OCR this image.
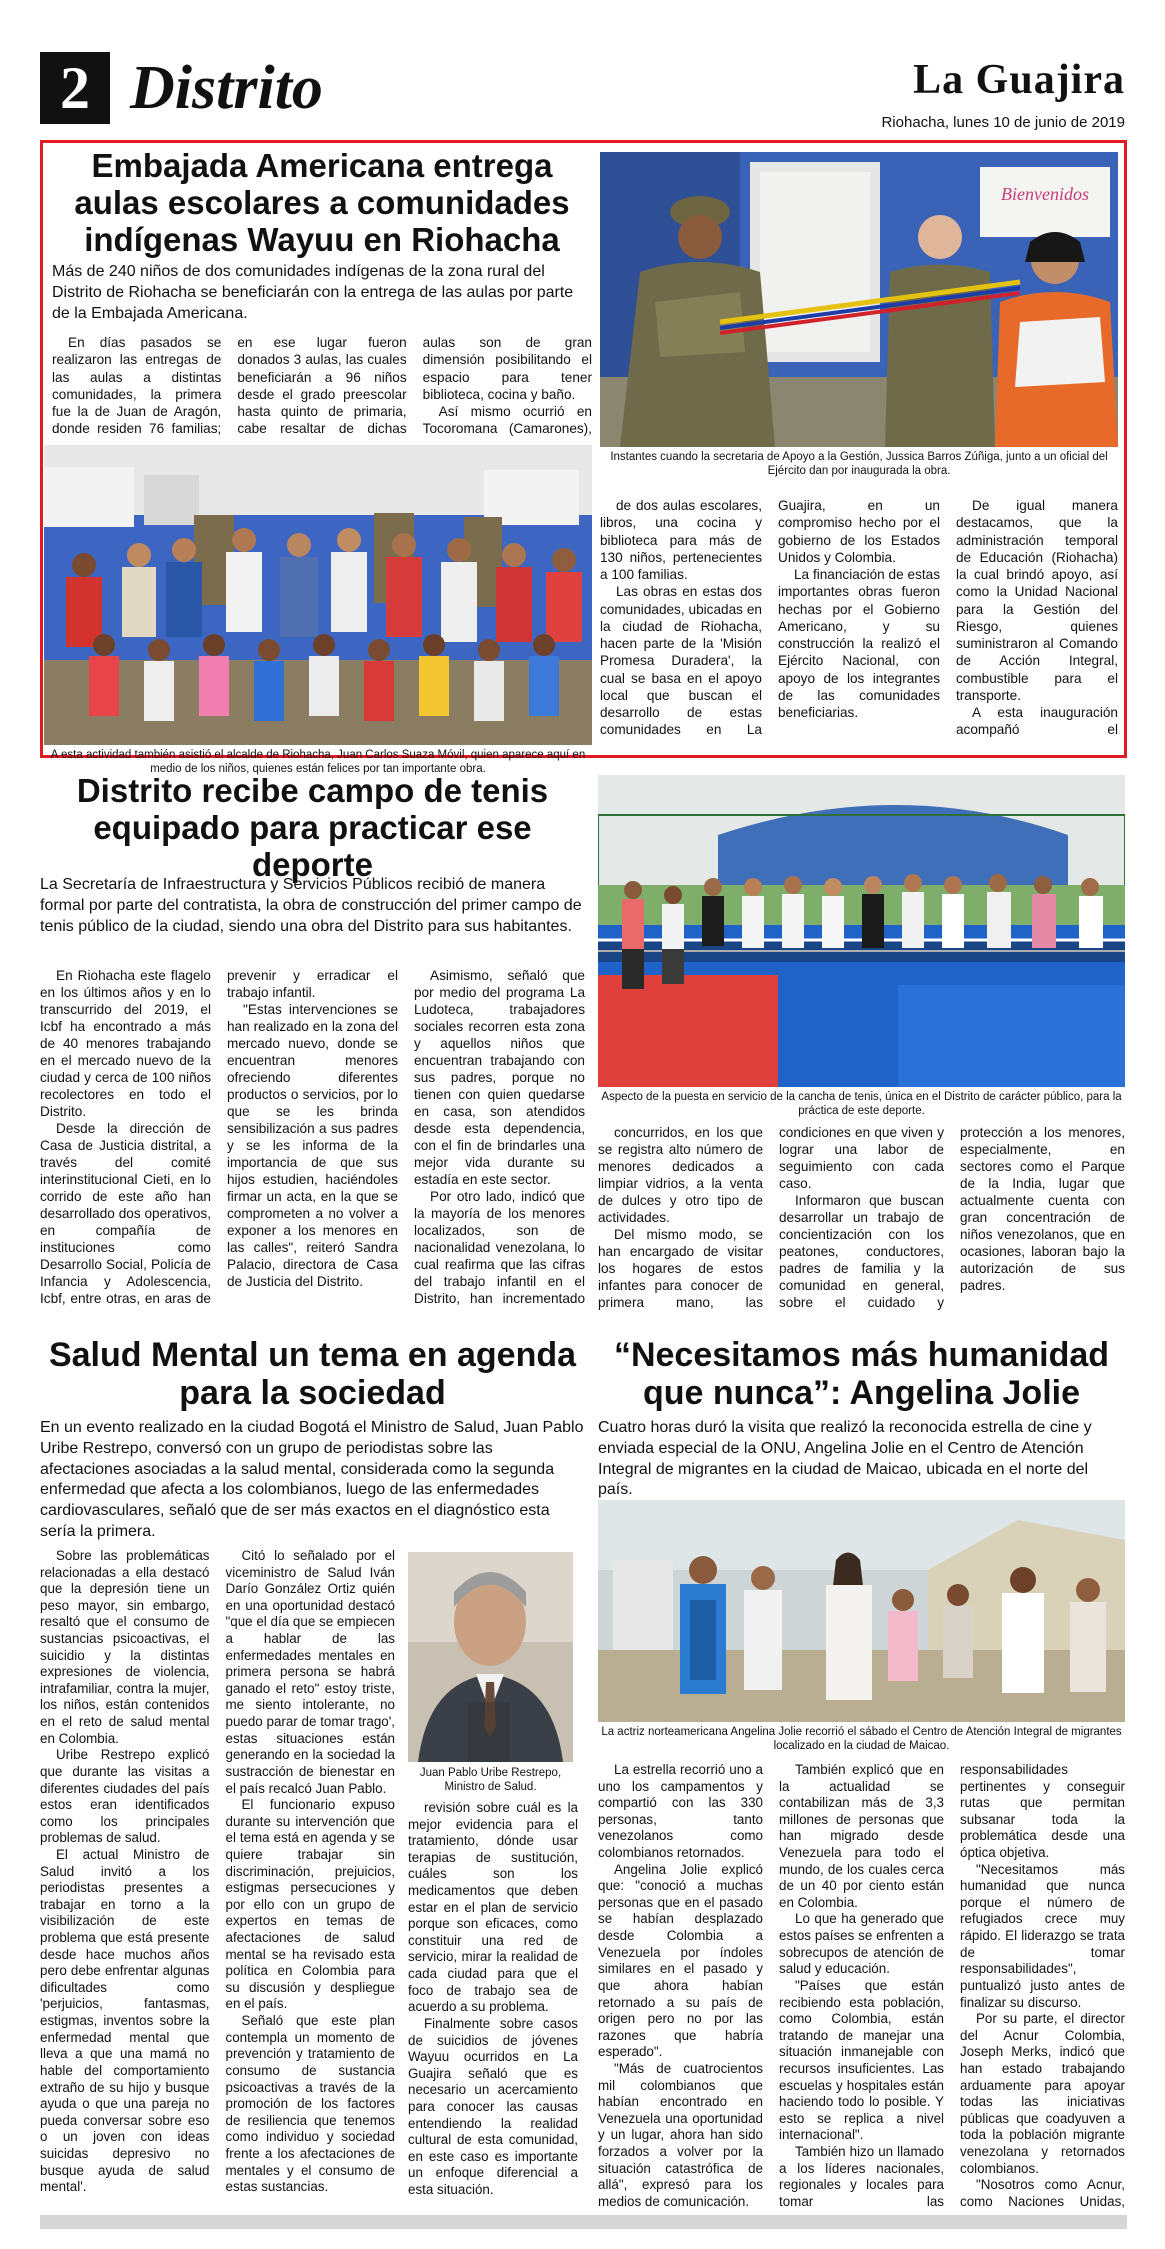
2 Distrito	La Guajira
Riohacha, lunes 10 de junio de 2019
Embajada Americana entrega aulas escolares a comunidades indígenas Wayuu en Riohacha
Más de 240 niños de dos comunidades indígenas de la zona rural del Distrito de Riohacha se beneficiarán con la entrega de las aulas por parte de la Embajada Americana.

En días pasados se realizaron las entregas de las aulas a distintas comunidades, la primera fue la de Juan de Aragón, donde residen 76 familias; en ese lugar fueron donados 3 aulas, las cuales beneficiarán a 96 niños desde el grado preescolar hasta quinto de primaria, cabe resaltar de dichas aulas son de gran dimensión posibilitando el espacio para tener biblioteca, cocina y baño.

Así mismo ocurrió en Tocoromana (Camarones),

Bienvenidos
Instantes cuando la secretaria de Apoyo a la Gestión, Jussica Barros Zúñiga, junto a un oficial del Ejército dan por inaugurada la obra.
A esta actividad también asistió el alcalde de Riohacha, Juan Carlos Suaza Móvil, quien aparece aquí en medio de los niños, quienes están felices por tan importante obra.

de dos aulas escolares, libros, una cocina y biblioteca para más de 130 niños, pertenecientes a 100 familias.

Las obras en estas dos comunidades, ubicadas en la ciudad de Riohacha, hacen parte de la 'Misión Promesa Duradera', la cual se basa en el apoyo local que buscan el desarrollo de estas comunidades en La Guajira, en un compromiso hecho por el gobierno de los Estados Unidos y Colombia.

La financiación de estas importantes obras fueron hechas por el Gobierno Americano, y su construcción la realizó el Ejército Nacional, con apoyo de los integrantes de las comunidades beneficiarias.

De igual manera destacamos, que la administración temporal de Educación (Riohacha) la cual brindó apoyo, así como la Unidad Nacional para la Gestión del Riesgo, quienes suministraron al Comando de Acción Integral, combustible para el transporte.

A esta inauguración acompañó el

Distrito recibe campo de tenis equipado para practicar ese deporte
La Secretaría de Infraestructura y Servicios Públicos recibió de manera formal por parte del contratista, la obra de construcción del primer campo de tenis público de la ciudad, siendo una obra del Distrito para sus habitantes.

En Riohacha este flagelo en los últimos años y en lo transcurrido del 2019, el Icbf ha encontrado a más de 40 menores trabajando en el mercado nuevo de la ciudad y cerca de 100 niños recolectores en todo el Distrito.

Desde la dirección de Casa de Justicia distrital, a través del comité interinstitucional Cieti, en lo corrido de este año han desarrollado dos operativos, en compañía de instituciones como Desarrollo Social, Policía de Infancia y Adolescencia, Icbf, entre otras, en aras de prevenir y erradicar el trabajo infantil.

"Estas intervenciones se han realizado en la zona del mercado nuevo, donde se encuentran menores ofreciendo diferentes productos o servicios, por lo que se les brinda sensibilización a sus padres y se les informa de la importancia de que sus hijos estudien, haciéndoles firmar un acta, en la que se comprometen a no volver a exponer a los menores en las calles", reiteró Sandra Palacio, directora de Casa de Justicia del Distrito.

Asimismo, señaló que por medio del programa La Ludoteca, trabajadores sociales recorren esta zona y aquellos niños que encuentran trabajando con sus padres, porque no tienen con quien quedarse en casa, son atendidos desde esta dependencia, con el fin de brindarles una mejor vida durante su estadía en este sector.

Por otro lado, indicó que la mayoría de los menores localizados, son de nacionalidad venezolana, lo cual reafirma que las cifras del trabajo infantil en el Distrito, han incrementado

Aspecto de la puesta en servicio de la cancha de tenis, única en el Distrito de carácter público, para la práctica de este deporte.

concurridos, en los que se registra alto número de menores dedicados a limpiar vidrios, a la venta de dulces y otro tipo de actividades.

Del mismo modo, se han encargado de visitar los hogares de estos infantes para conocer de primera mano, las condiciones en que viven y lograr una labor de seguimiento con cada caso.

Informaron que buscan desarrollar un trabajo de concientización con los peatones, conductores, padres de familia y la comunidad en general, sobre el cuidado y protección a los menores, especialmente, en sectores como el Parque de la India, lugar que actualmente cuenta con gran concentración de niños venezolanos, que en ocasiones, laboran bajo la autorización de sus padres.

Salud Mental un tema en agenda para la sociedad
En un evento realizado en la ciudad Bogotá el Ministro de Salud, Juan Pablo Uribe Restrepo, conversó con un grupo de periodistas sobre las afectaciones asociadas a la salud mental, considerada como la segunda enfermedad que afecta a los colombianos, luego de las enfermedades cardiovasculares, señaló que de ser más exactos en el diagnóstico esta sería la primera.

Sobre las problemáticas relacionadas a ella destacó que la depresión tiene un peso mayor, sin embargo, resaltó que el consumo de sustancias psicoactivas, el suicidio y la distintas expresiones de violencia, intrafamiliar, contra la mujer, los niños, están contenidos en el reto de salud mental en Colombia.

Uribe Restrepo explicó que durante las visitas a diferentes ciudades del país estos eran identificados como los principales problemas de salud.

El actual Ministro de Salud invitó a los periodistas presentes a trabajar en torno a la visibilización de este problema que está presente desde hace muchos años pero debe enfrentar algunas dificultades como 'perjuicios, fantasmas, estigmas, inventos sobre la enfermedad mental que lleva a que una mamá no hable del comportamiento extraño de su hijo y busque ayuda o que una pareja no pueda conversar sobre eso o un joven con ideas suicidas depresivo no busque ayuda de salud mental'.

Citó lo señalado por el viceministro de Salud Iván Darío González Ortiz quién en una oportunidad destacó "que el día que se empiecen a hablar de las enfermedades mentales en primera persona se habrá ganado el reto" estoy triste, me siento intolerante, no puedo parar de tomar trago', estas situaciones están generando en la sociedad la sustracción de bienestar en el país recalcó Juan Pablo.

El funcionario expuso durante su intervención que el tema está en agenda y se quiere trabajar sin discriminación, prejuicios, estigmas persecuciones y por ello con un grupo de expertos en temas de afectaciones de salud mental se ha revisado esta política en Colombia para su discusión y despliegue en el país.

Señaló que este plan contempla un momento de prevención y tratamiento de consumo de sustancia psicoactivas a través de la promoción de los factores de resiliencia que tenemos como individuo y sociedad frente a los afectaciones de mentales y el consumo de estas sustancias.

Juan Pablo Uribe Restrepo, Ministro de Salud.

revisión sobre cuál es la mejor evidencia para el tratamiento, dónde usar terapias de sustitución, cuáles son los medicamentos que deben estar en el plan de servicio porque son eficaces, como constituir una red de servicio, mirar la realidad de cada ciudad para que el foco de trabajo sea de acuerdo a su problema.

Finalmente sobre casos de suicidios de jóvenes Wayuu ocurridos en La Guajira señaló que es necesario un acercamiento para conocer las causas entendiendo la realidad cultural de esta comunidad, en este caso es importante un enfoque diferencial a esta situación.

“Necesitamos más humanidad que nunca”: Angelina Jolie
Cuatro horas duró la visita que realizó la reconocida estrella de cine y enviada especial de la ONU, Angelina Jolie en el Centro de Atención Integral de migrantes en la ciudad de Maicao, ubicada en el norte del país.
La actriz norteamericana Angelina Jolie recorrió el sábado el Centro de Atención Integral de migrantes localizado en la ciudad de Maicao.

La estrella recorrió uno a uno los campamentos y compartió con las 330 personas, tanto venezolanos como colombianos retornados.

Angelina Jolie explicó que: "conoció a muchas personas que en el pasado se habían desplazado desde Colombia a Venezuela por índoles similares en el pasado y que ahora habían retornado a su país de origen pero no por las razones que habría esperado".

"Más de cuatrocientos mil colombianos que habían encontrado en Venezuela una oportunidad y un lugar, ahora han sido forzados a volver por la situación catastrófica de allá", expresó para los medios de comunicación.

También explicó que en la actualidad se contabilizan más de 3,3 millones de personas que han migrado desde Venezuela para todo el mundo, de los cuales cerca de un 40 por ciento están en Colombia.

Lo que ha generado que estos países se enfrenten a sobrecupos de atención de salud y educación.

"Países que están recibiendo esta población, como Colombia, están tratando de manejar una situación inmanejable con recursos insuficientes. Las escuelas y hospitales están haciendo todo lo posible. Y esto se replica a nivel internacional".

También hizo un llamado a los líderes nacionales, regionales y locales para tomar las responsabilidades pertinentes y conseguir rutas que permitan subsanar toda la problemática desde una óptica objetiva.

"Necesitamos más humanidad que nunca porque el número de refugiados crece muy rápido. El liderazgo se trata de tomar responsabilidades", puntualizó justo antes de finalizar su discurso.

Por su parte, el director del Acnur Colombia, Joseph Merks, indicó que han estado trabajando arduamente para apoyar todas las iniciativas públicas que coadyuven a toda la población migrante venezolana y retornados colombianos.

"Nosotros como Acnur, como Naciones Unidas,
